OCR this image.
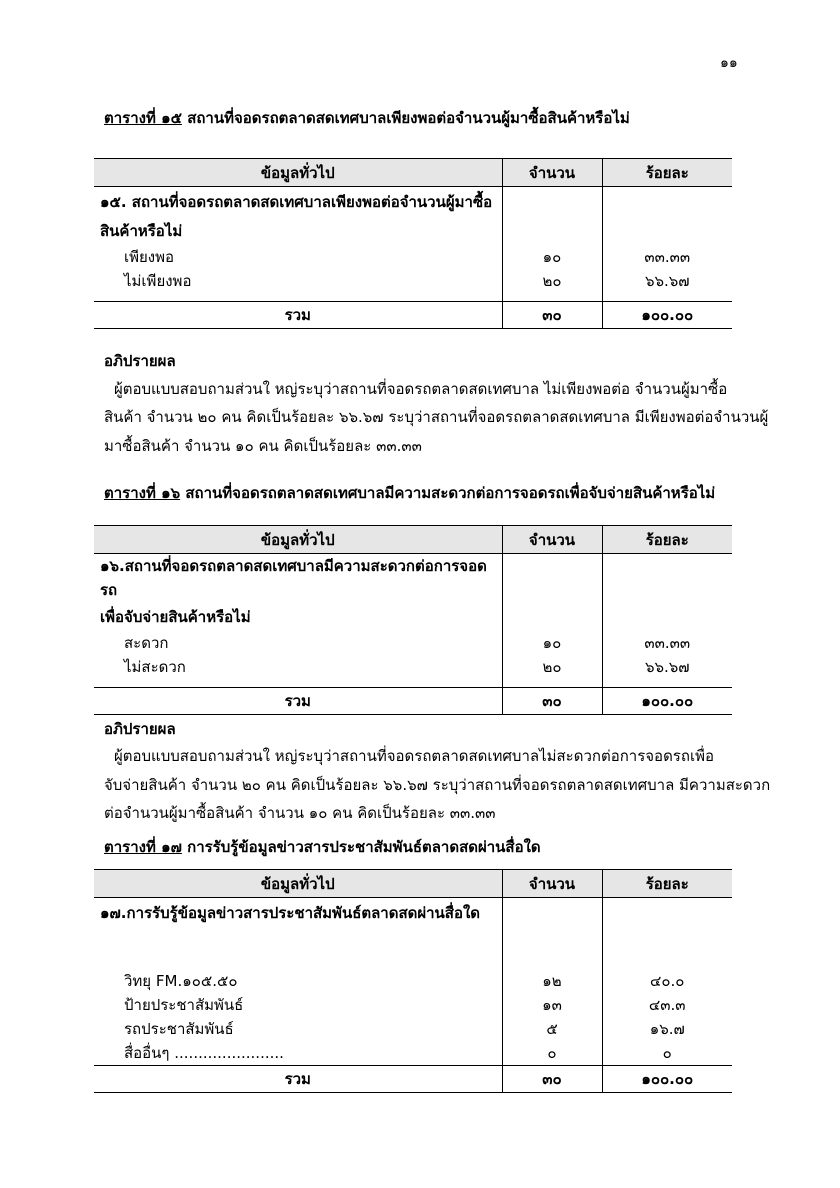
๑๑
ตารางที่ ๑๕ สถานที่จอดรถตลาดสดเทศบาลเพียงพอต่อจำนวนผู้มาซื้อสินค้าหรือไม่
ข้อมูลทั่วไป	จำนวน	ร้อยละ
๑๕. สถานที่จอดรถตลาดสดเทศบาลเพียงพอต่อจำนวนผู้มาซื้อ		
สินค้าหรือไม่		
เพียงพอ	๑๐	๓๓.๓๓
ไม่เพียงพอ	๒๐	๖๖.๖๗

รวม	๓๐	๑๐๐.๐๐
อภิปรายผล
ผู้ตอบแบบสอบถามส่วนใ หญ่ระบุว่าสถานที่จอดรถตลาดสดเทศบาล ไม่เพียงพอต่อ จำนวนผู้มาซื้อ
สินค้า จำนวน ๒๐ คน คิดเป็นร้อยละ ๖๖.๖๗ ระบุว่าสถานที่จอดรถตลาดสดเทศบาล มีเพียงพอต่อจำนวนผู้
มาซื้อสินค้า จำนวน ๑๐ คน คิดเป็นร้อยละ ๓๓.๓๓
ตารางที่ ๑๖ สถานที่จอดรถตลาดสดเทศบาลมีความสะดวกต่อการจอดรถเพื่อจับจ่ายสินค้าหรือไม่
ข้อมูลทั่วไป	จำนวน	ร้อยละ
๑๖.สถานที่จอดรถตลาดสดเทศบาลมีความสะดวกต่อการจอดรถ		
เพื่อจับจ่ายสินค้าหรือไม่		
สะดวก	๑๐	๓๓.๓๓
ไม่สะดวก	๒๐	๖๖.๖๗

รวม	๓๐	๑๐๐.๐๐
อภิปรายผล
ผู้ตอบแบบสอบถามส่วนใ หญ่ระบุว่าสถานที่จอดรถตลาดสดเทศบาลไม่สะดวกต่อการจอดรถเพื่อ
จับจ่ายสินค้า จำนวน ๒๐ คน คิดเป็นร้อยละ ๖๖.๖๗ ระบุว่าสถานที่จอดรถตลาดสดเทศบาล มีความสะดวก
ต่อจำนวนผู้มาซื้อสินค้า จำนวน ๑๐ คน คิดเป็นร้อยละ ๓๓.๓๓
ตารางที่ ๑๗ การรับรู้ข้อมูลข่าวสารประชาสัมพันธ์ตลาดสดผ่านสื่อใด
ข้อมูลทั่วไป	จำนวน	ร้อยละ
๑๗.การรับรู้ข้อมูลข่าวสารประชาสัมพันธ์ตลาดสดผ่านสื่อใด		

วิทยุ FM.๑๐๕.๕๐	๑๒	๔๐.๐
ป้ายประชาสัมพันธ์	๑๓	๔๓.๓
รถประชาสัมพันธ์	๕	๑๖.๗
สื่ออื่นๆ .......................	๐	๐
รวม	๓๐	๑๐๐.๐๐
